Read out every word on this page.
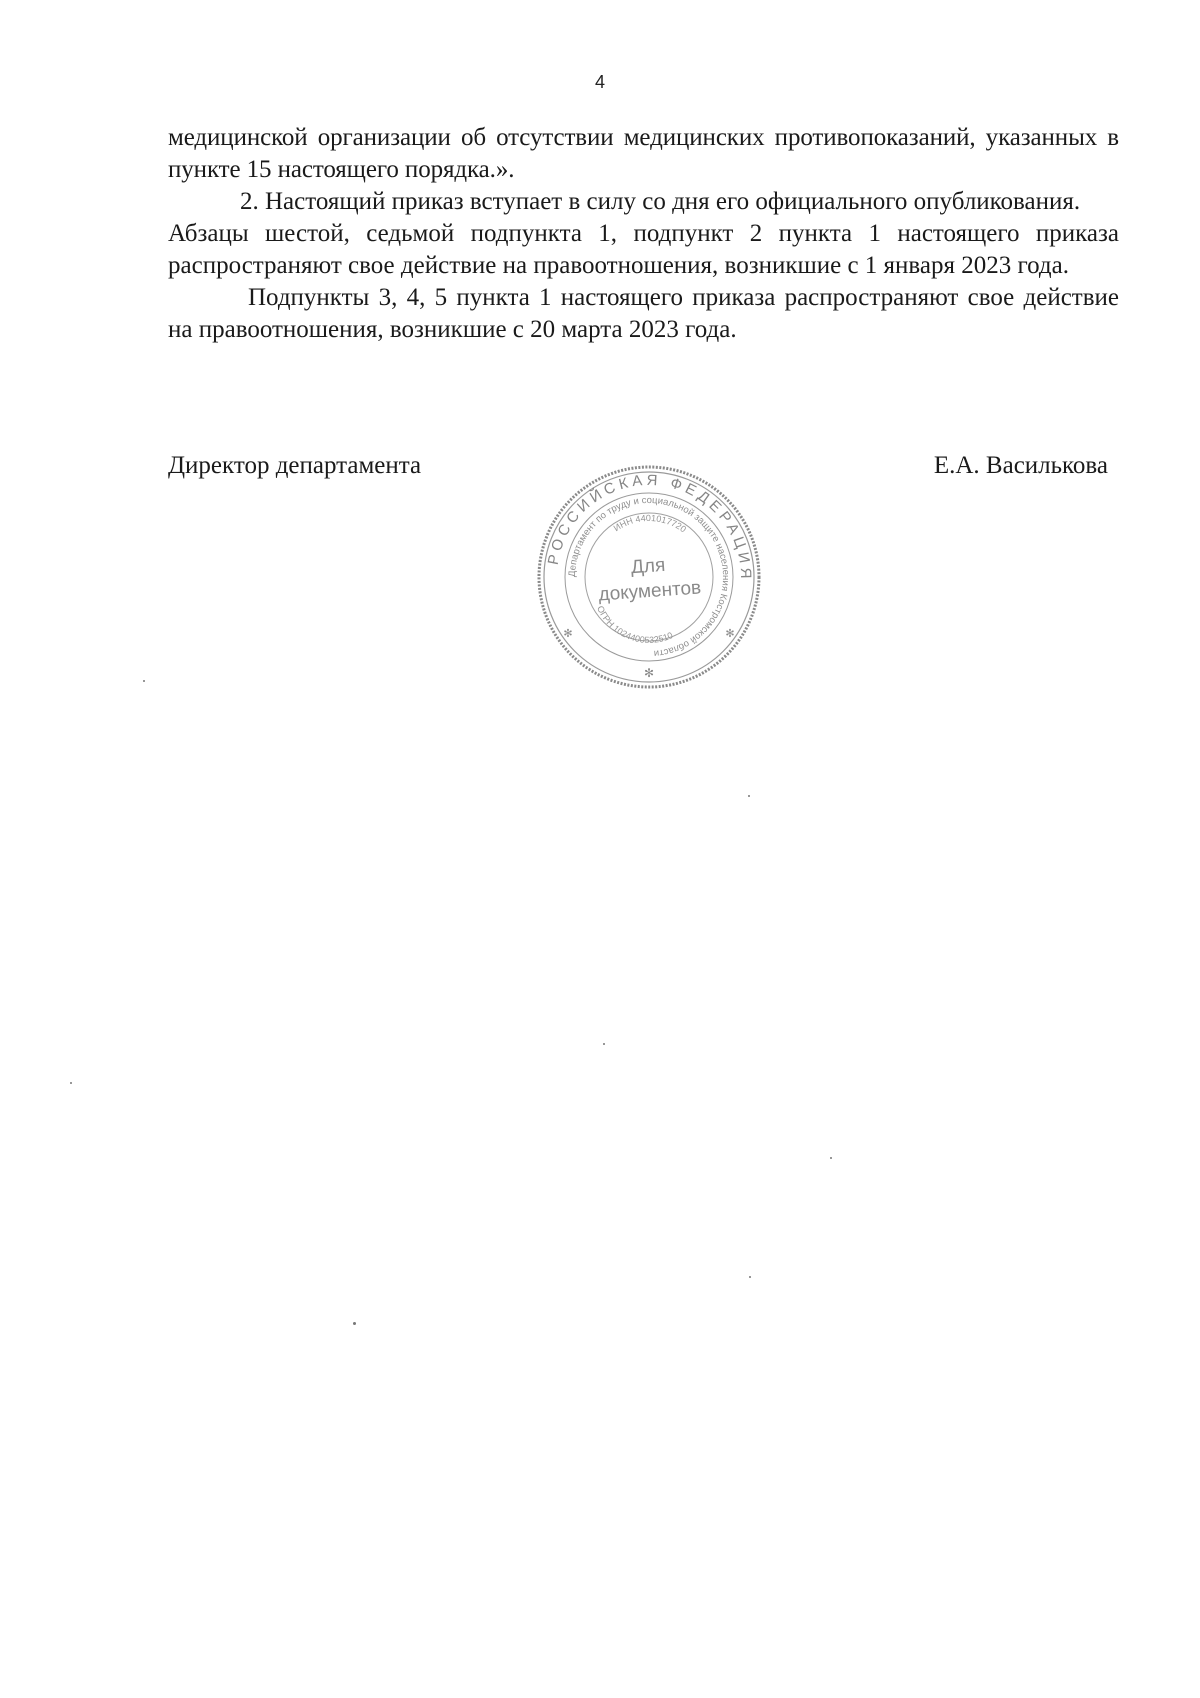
4

медицинской организации об отсутствии медицинских противопоказаний, указанных в пункте 15 настоящего порядка.».

2. Настоящий приказ вступает в силу со дня его официального опубликования.

Абзацы шестой, седьмой подпункта 1, подпункт 2 пункта 1 настоящего приказа распространяют свое действие на правоотношения, возникшие с 1 января 2023 года.

Подпункты 3, 4, 5 пункта 1 настоящего приказа распространяют свое действие на правоотношения, возникшие с 20 марта 2023 года.

Директор департамента	Е.А. Василькова
РОССИЙСКАЯ ФЕДЕРАЦИЯ
Департамент по труду и социальной защите населения Костромской области
ИНН 4401017720
ОГРН 1024400532510
✻
✻	✻
Для
документов
